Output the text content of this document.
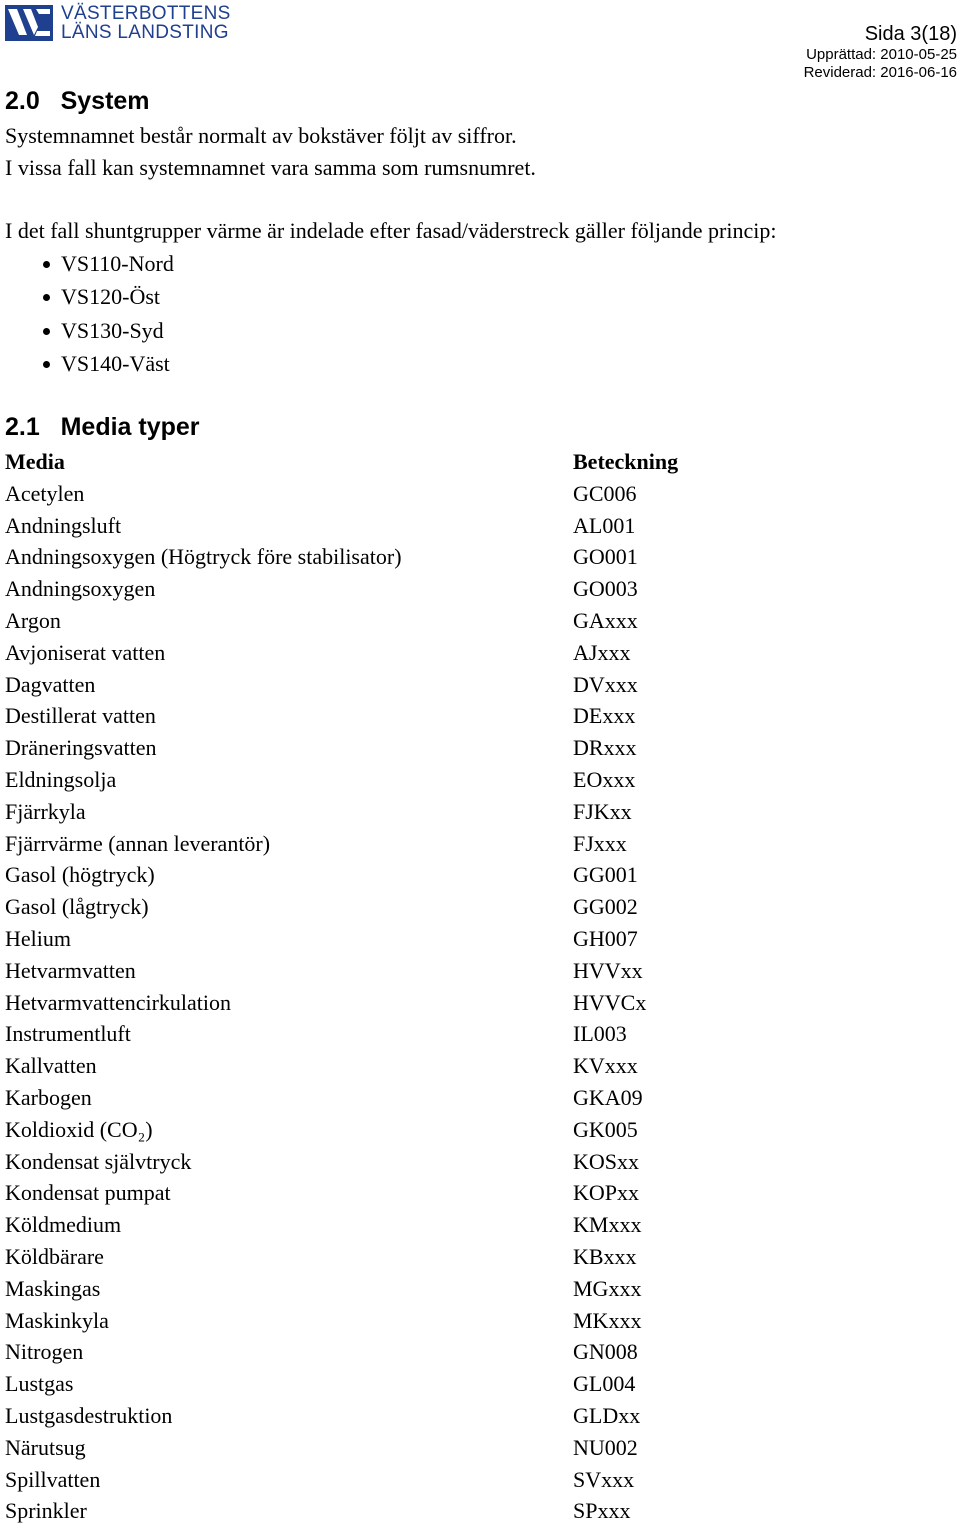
VÄSTERBOTTENS
LÄNS LANDSTING	Sida 3(18)
Upprättad: 2010-05-25
Reviderad: 2016-06-16
2.0   System
Systemnamnet består normalt av bokstäver följt av siffror.
I vissa fall kan systemnamnet vara samma som rumsnumret.
I det fall shuntgrupper värme är indelade efter fasad/väderstreck gäller följande princip:
VS110-Nord
VS120-Öst
VS130-Syd
VS140-Väst
2.1   Media typer
Media	Beteckning
Acetylen	GC006
Andningsluft	AL001
Andningsoxygen (Högtryck före stabilisator)	GO001
Andningsoxygen	GO003
Argon	GAxxx
Avjoniserat vatten	AJxxx
Dagvatten	DVxxx
Destillerat vatten	DExxx
Dräneringsvatten	DRxxx
Eldningsolja	EOxxx
Fjärrkyla	FJKxx
Fjärrvärme (annan leverantör)	FJxxx
Gasol (högtryck)	GG001
Gasol (lågtryck)	GG002
Helium	GH007
Hetvarmvatten	HVVxx
Hetvarmvattencirkulation	HVVCx
Instrumentluft	IL003
Kallvatten	KVxxx
Karbogen	GKA09
Koldioxid (CO₂)	GK005
Kondensat självtryck	KOSxx
Kondensat pumpat	KOPxx
Köldmedium	KMxxx
Köldbärare	KBxxx
Maskingas	MGxxx
Maskinkyla	MKxxx
Nitrogen	GN008
Lustgas	GL004
Lustgasdestruktion	GLDxx
Närutsug	NU002
Spillvatten	SVxxx
Sprinkler	SPxxx
